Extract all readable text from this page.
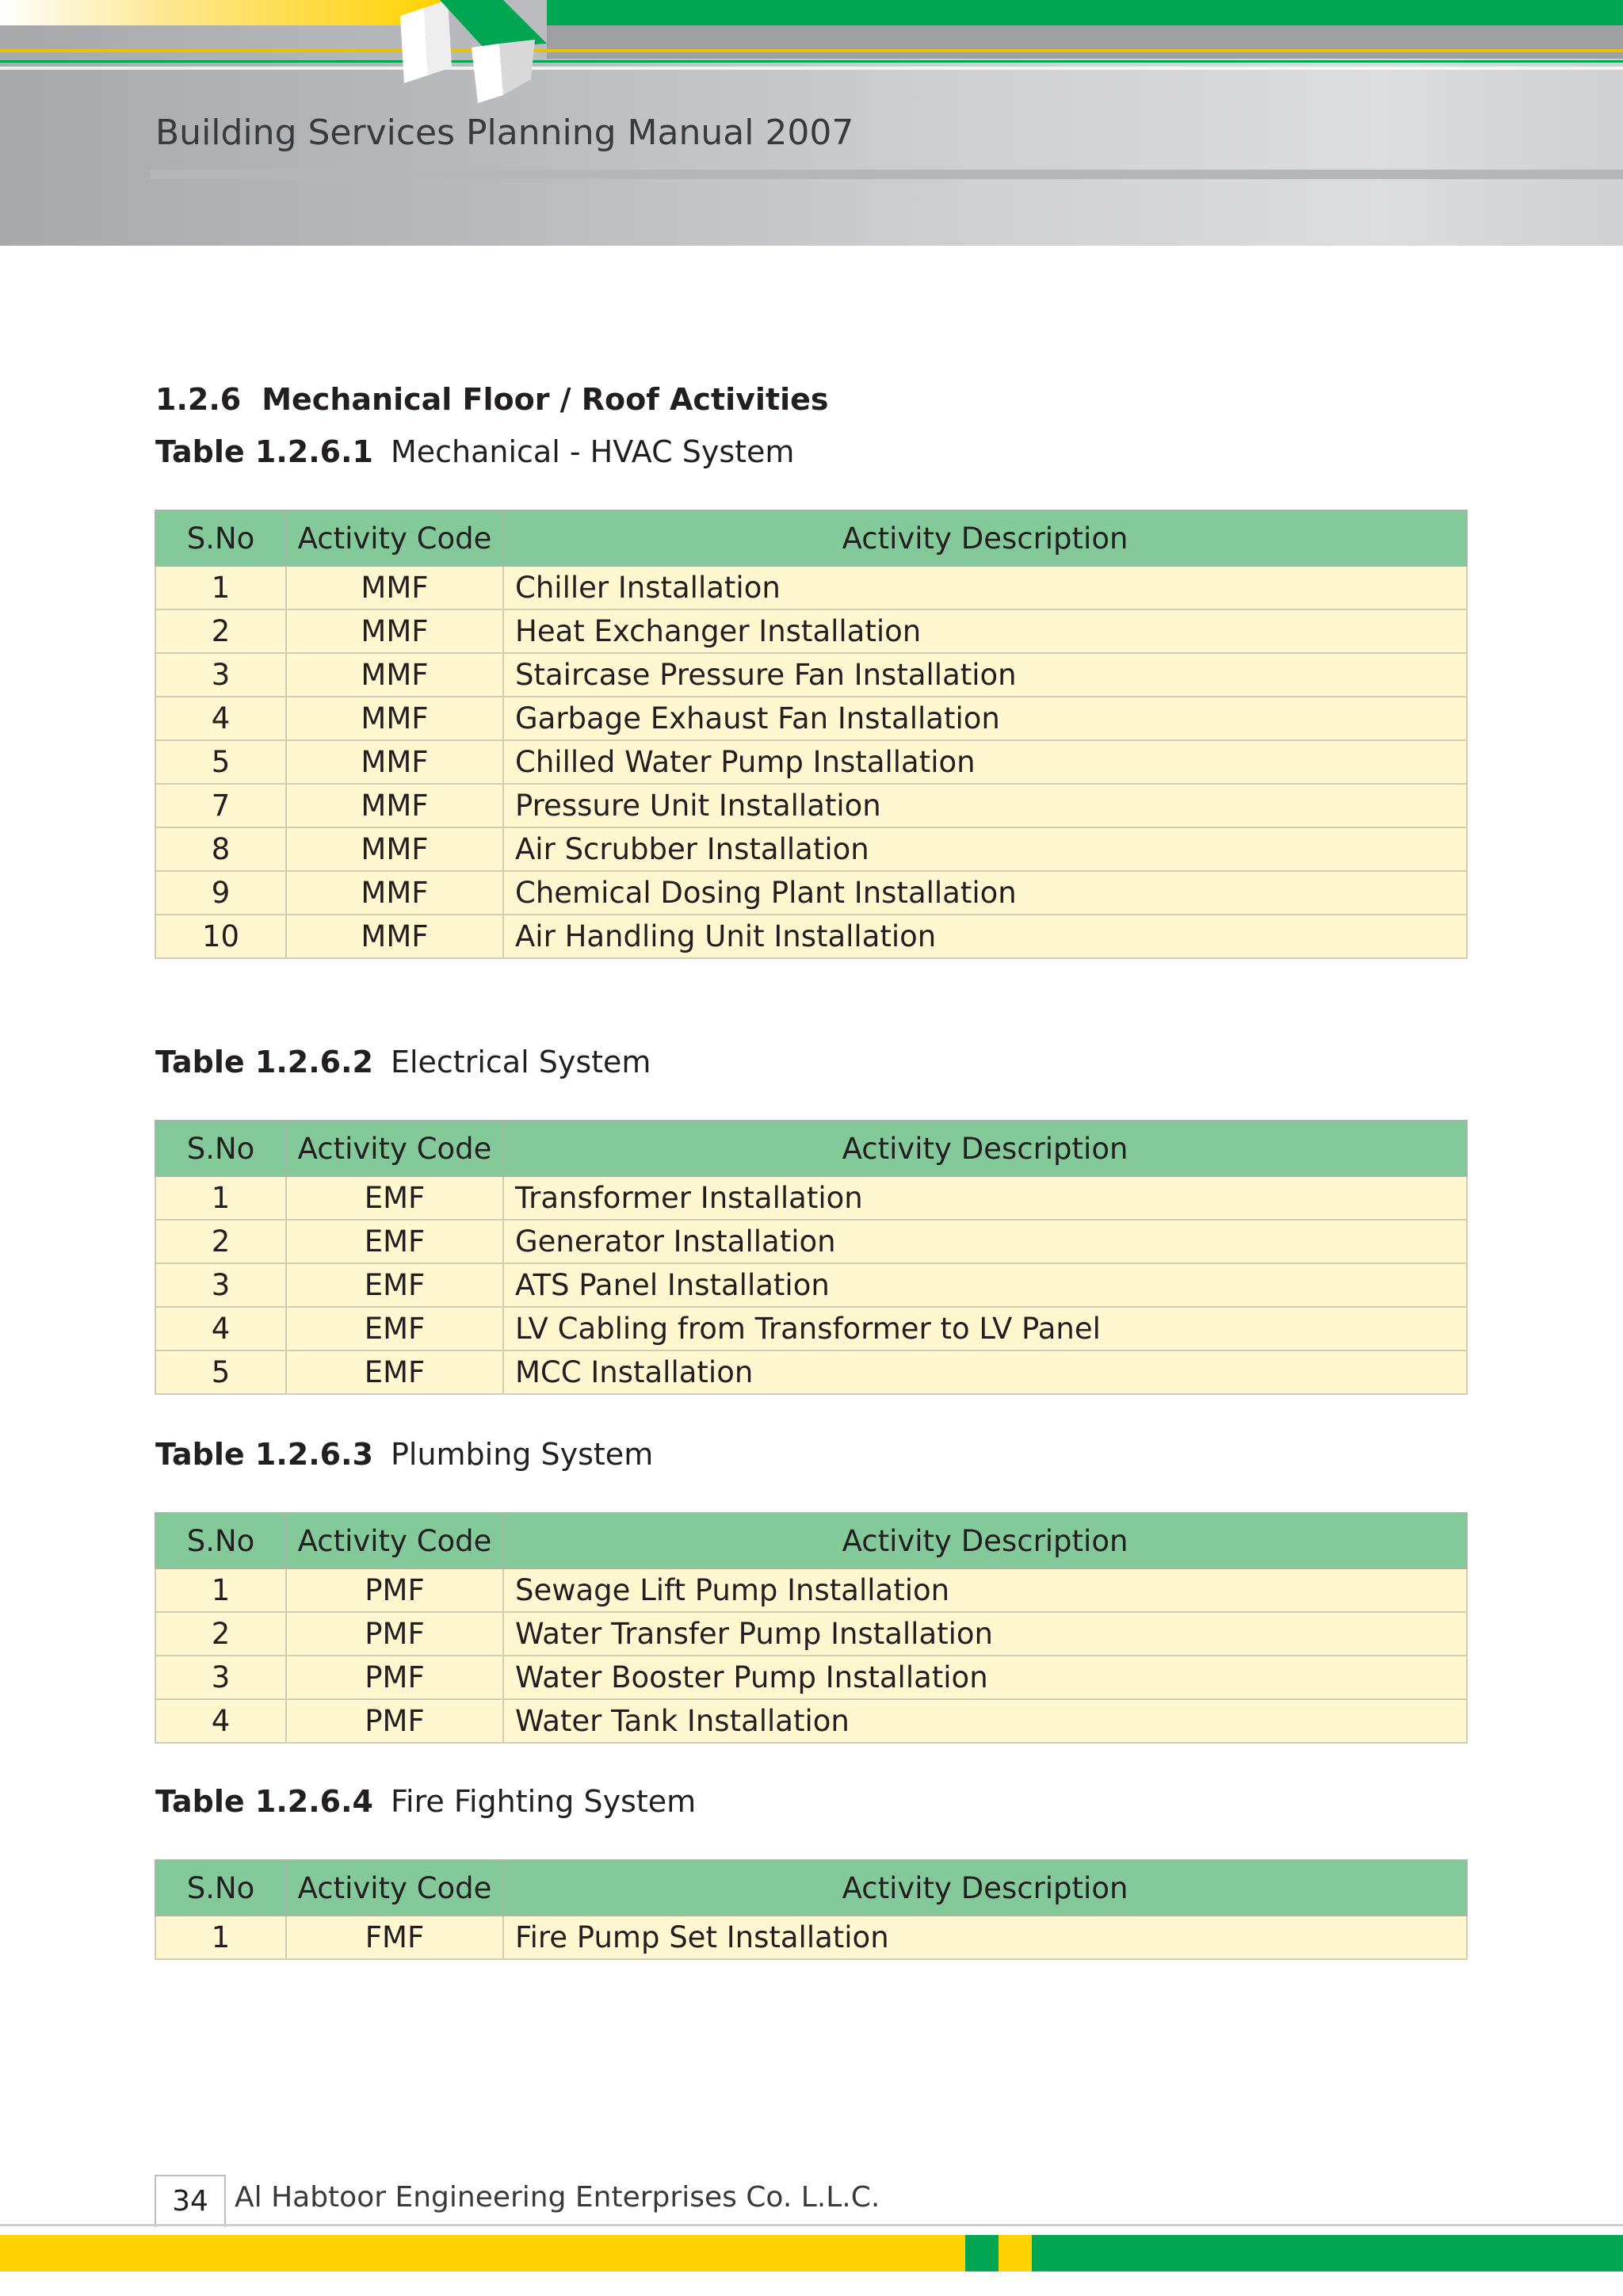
Building Services Planning Manual 2007
1.2.6 Mechanical Floor / Roof Activities
Table 1.2.6.1 Mechanical - HVAC System
S.No	Activity Code	Activity Description
1	MMF	Chiller Installation
2	MMF	Heat Exchanger Installation
3	MMF	Staircase Pressure Fan Installation
4	MMF	Garbage Exhaust Fan Installation
5	MMF	Chilled Water Pump Installation
7	MMF	Pressure Unit Installation
8	MMF	Air Scrubber Installation
9	MMF	Chemical Dosing Plant Installation
10	MMF	Air Handling Unit Installation
Table 1.2.6.2 Electrical System
S.No	Activity Code	Activity Description
1	EMF	Transformer Installation
2	EMF	Generator Installation
3	EMF	ATS Panel Installation
4	EMF	LV Cabling from Transformer to LV Panel
5	EMF	MCC Installation
Table 1.2.6.3 Plumbing System
S.No	Activity Code	Activity Description
1	PMF	Sewage Lift Pump Installation
2	PMF	Water Transfer Pump Installation
3	PMF	Water Booster Pump Installation
4	PMF	Water Tank Installation
Table 1.2.6.4 Fire Fighting System
S.No	Activity Code	Activity Description
1	FMF	Fire Pump Set Installation
34 Al Habtoor Engineering Enterprises Co. L.L.C.
